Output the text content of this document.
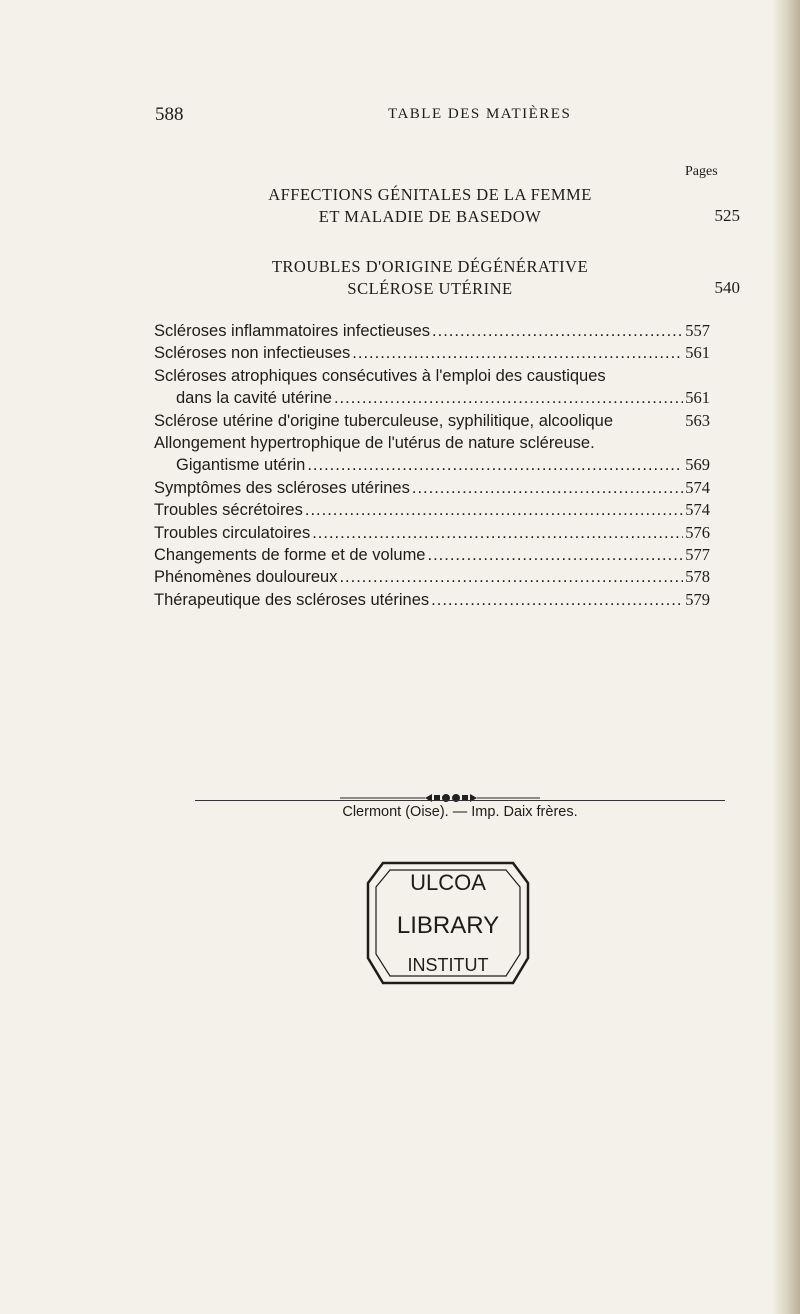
588	TABLE DES MATIÈRES
Pages
AFFECTIONS GÉNITALES DE LA FEMME
ET MALADIE DE BASEDOW	525
TROUBLES D'ORIGINE DÉGÉNÉRATIVE
SCLÉROSE UTÉRINE	540
Scléroses inflammatoires infectieuses .....	557
Scléroses non infectieuses .....	561
Scléroses atrophiques consécutives à l'emploi des caustiques
dans la cavité utérine .....	561
Sclérose utérine d'origine tuberculeuse, syphilitique, alcoolique	563
Allongement hypertrophique de l'utérus de nature scléreuse.
Gigantisme utérin .....	569
Symptômes des scléroses utérines .....	574
Troubles sécrétoires .....	574
Troubles circulatoires .....	576
Changements de forme et de volume .....	577
Phénomènes douloureux .....	578
Thérapeutique des scléroses utérines .....	579
Clermont (Oise). — Imp. Daix frères.
ULCOA
LIBRARY
INSTITUT
